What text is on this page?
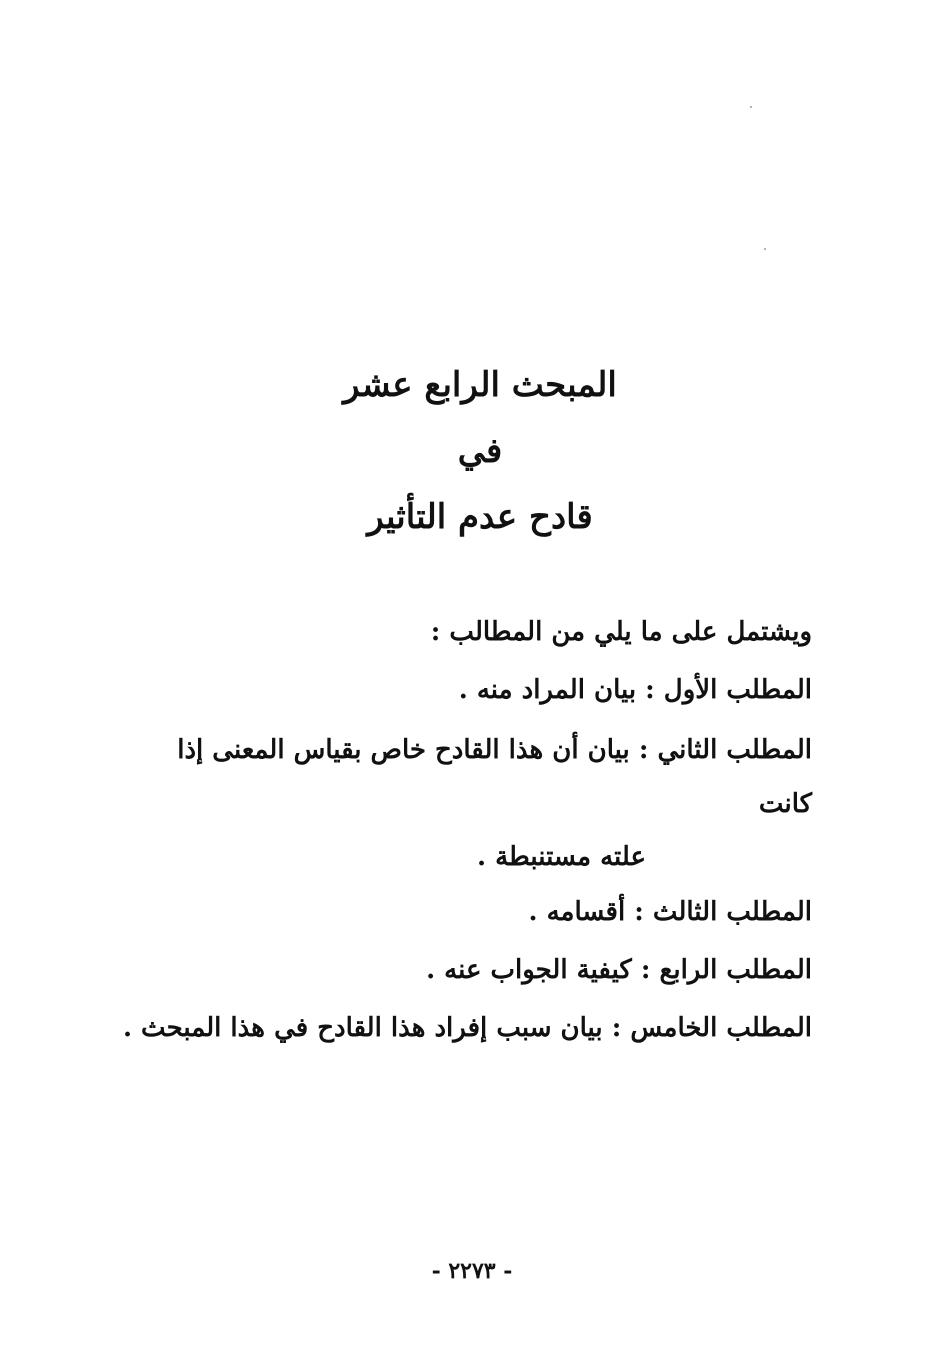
المبحث الرابع عشر
في
قادح عدم التأثير
ويشتمل على ما يلي من المطالب :
المطلب الأول : بيان المراد منه .
المطلب الثاني : بيان أن هذا القادح خاص بقياس المعنى إذا كانت
علته مستنبطة .
المطلب الثالث : أقسامه .
المطلب الرابع : كيفية الجواب عنه .
المطلب الخامس : بيان سبب إفراد هذا القادح في هذا المبحث .
- ٢٢٧٣ -
